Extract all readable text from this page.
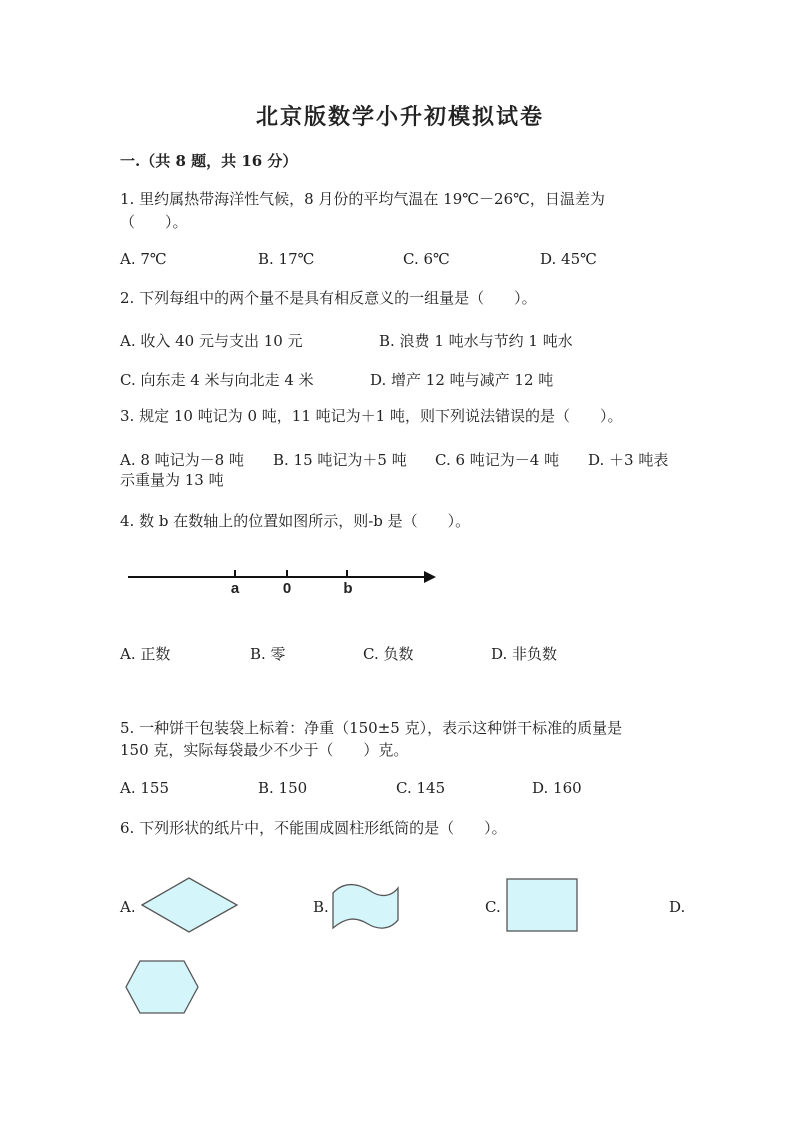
北京版数学小升初模拟试卷
一.（共 8 题，共 16 分）
1. 里约属热带海洋性气候，8 月份的平均气温在 19℃－26℃，日温差为
（　　）。
A. 7℃	B. 17℃	C. 6℃	D. 45℃
2. 下列每组中的两个量不是具有相反意义的一组量是（　　）。
A. 收入 40 元与支出 10 元	B. 浪费 1 吨水与节约 1 吨水
C. 向东走 4 米与向北走 4 米	D. 增产 12 吨与减产 12 吨
3. 规定 10 吨记为 0 吨，11 吨记为＋1 吨，则下列说法错误的是（　　）。
A. 8 吨记为－8 吨 B. 15 吨记为＋5 吨 C. 6 吨记为－4 吨 D. ＋3 吨表
示重量为 13 吨
4. 数 b 在数轴上的位置如图所示，则-b 是（　　）。
a	0	b
A. 正数	B. 零	C. 负数	D. 非负数
5. 一种饼干包装袋上标着：净重（150±5 克），表示这种饼干标准的质量是
150 克，实际每袋最少不少于（　　）克。
A. 155	B. 150	C. 145	D. 160
6. 下列形状的纸片中，不能围成圆柱形纸筒的是（　　）。
A.	B.	C.	D.
